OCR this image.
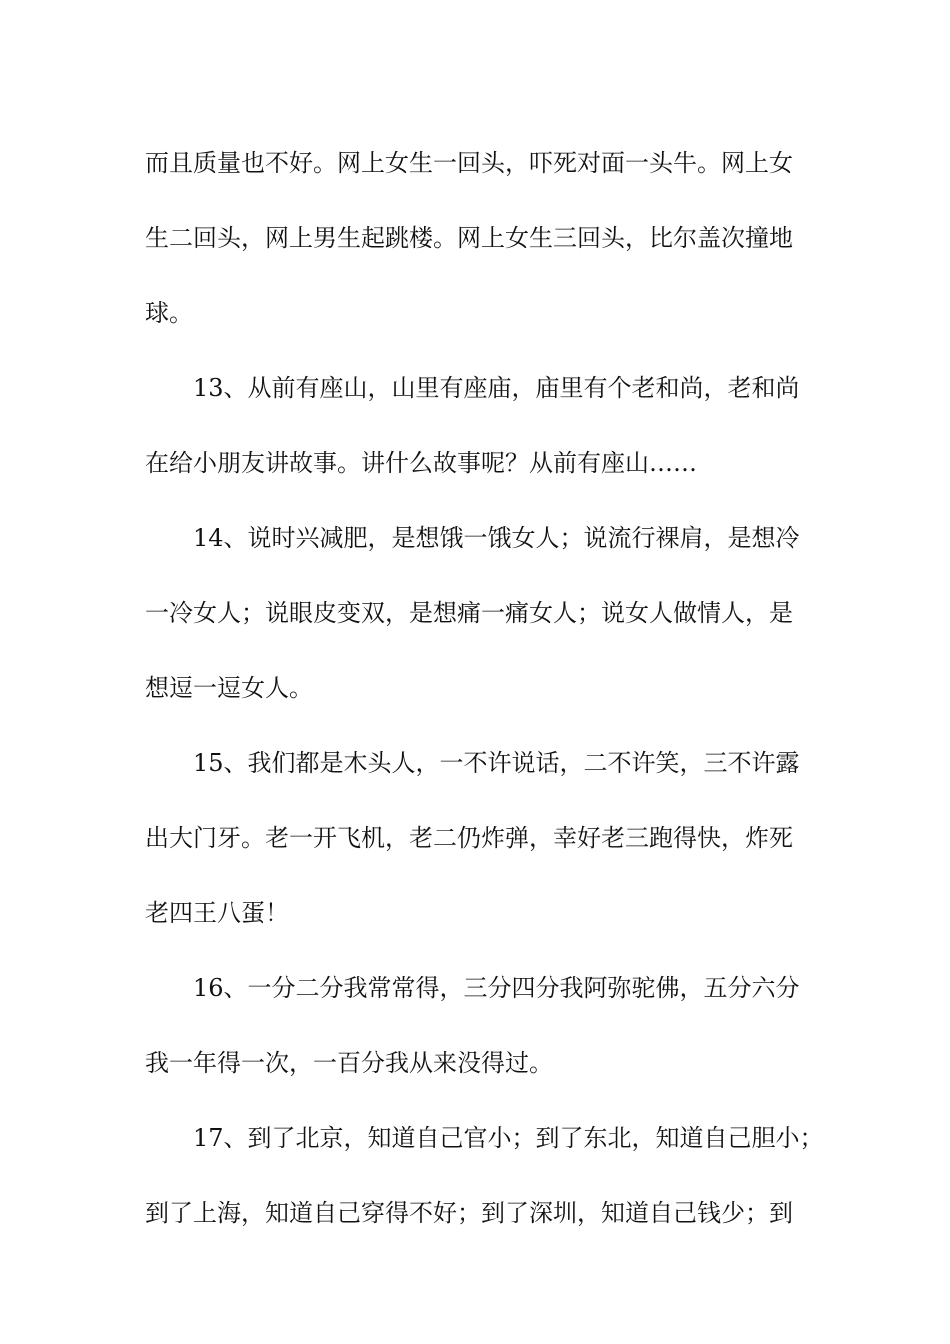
而且质量也不好。网上女生一回头，吓死对面一头牛。网上女
生二回头，网上男生起跳楼。网上女生三回头，比尔盖次撞地
球。

13、从前有座山，山里有座庙，庙里有个老和尚，老和尚
在给小朋友讲故事。讲什么故事呢？从前有座山……

14、说时兴减肥，是想饿一饿女人；说流行裸肩，是想冷
一冷女人；说眼皮变双，是想痛一痛女人；说女人做情人，是
想逗一逗女人。

15、我们都是木头人，一不许说话，二不许笑，三不许露
出大门牙。老一开飞机，老二仍炸弹，幸好老三跑得快，炸死
老四王八蛋！

16、一分二分我常常得，三分四分我阿弥驼佛，五分六分
我一年得一次，一百分我从来没得过。

17、到了北京，知道自己官小；到了东北，知道自己胆小；
到了上海，知道自己穿得不好；到了深圳，知道自己钱少；到
